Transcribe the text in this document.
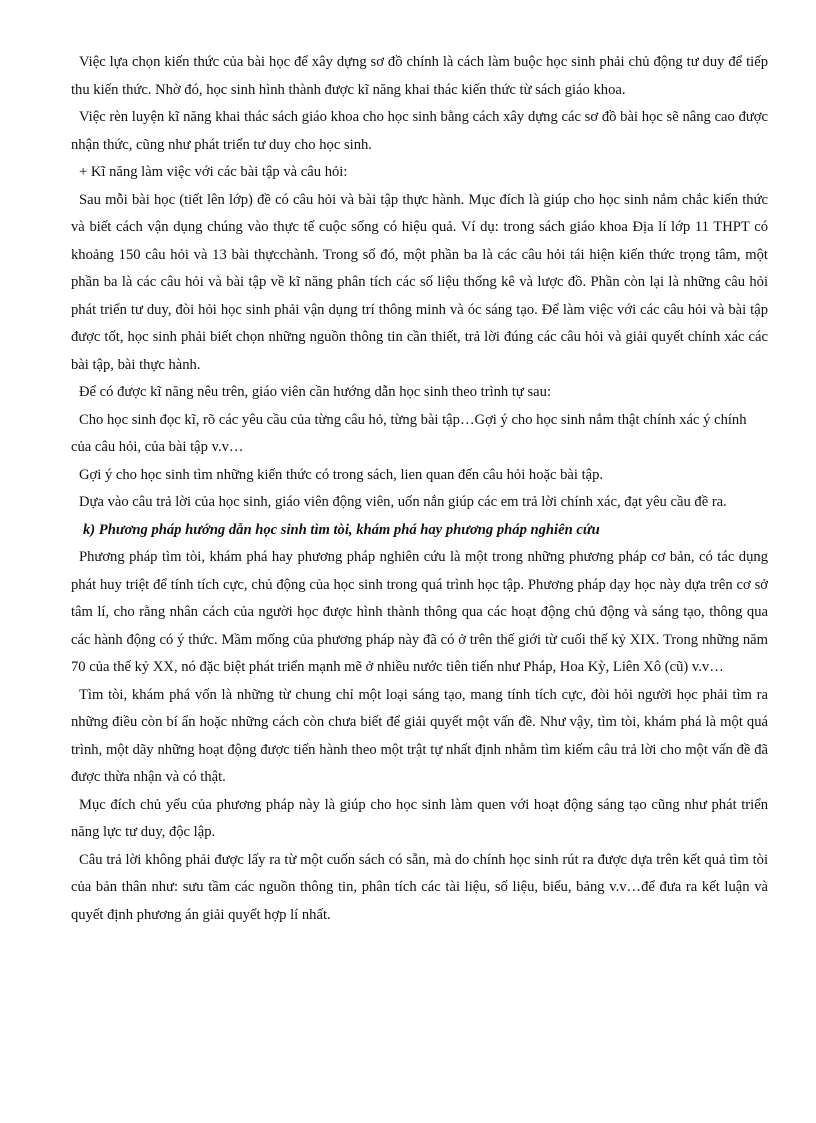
Việc lựa chọn kiến thức của bài học để xây dựng sơ đồ chính là cách làm buộc học sinh phải chủ động tư duy để tiếp thu kiến thức. Nhờ đó, học sinh hình thành được kĩ năng khai thác kiến thức từ sách giáo khoa.

Việc rèn luyện kĩ năng khai thác sách giáo khoa cho học sinh bằng cách xây dựng các sơ đồ bài học sẽ nâng cao được nhận thức, cũng như phát triển tư duy cho học sinh.

+ Kĩ năng làm việc với các bài tập và câu hỏi:

Sau mỗi bài học (tiết lên lớp) đề có câu hỏi và bài tập thực hành. Mục đích là giúp cho học sinh nắm chắc kiến thức và biết cách vận dụng chúng vào thực tế cuộc sống có hiệu quả. Ví dụ: trong sách giáo khoa Địa lí lớp 11 THPT có khoảng 150 câu hỏi và 13 bài thựcchành. Trong số đó, một phần ba là các câu hỏi tái hiện kiến thức trọng tâm, một phần ba là các câu hỏi và bài tập về kĩ năng phân tích các số liệu thống kê và lược đồ. Phần còn lại là những câu hỏi phát triển tư duy, đòi hỏi học sinh phải vận dụng trí thông minh và óc sáng tạo. Để làm việc với các câu hỏi và bài tập được tốt, học sinh phải biết chọn những nguồn thông tin cần thiết, trả lời đúng các câu hỏi và giải quyết chính xác các bài tập, bài thực hành.

Để có được kĩ năng nêu trên, giáo viên cần hướng dẫn học sinh theo trình tự sau:

Cho học sinh đọc kĩ, rõ các yêu cầu của từng câu hỏ, từng bài tập…Gợi ý cho học sinh nắm thật chính xác ý chính của câu hỏi, của bài tập v.v…

Gợi ý cho học sinh tìm những kiến thức có trong sách, lien quan đến câu hỏi hoặc bài tập.

Dựa vào câu trả lời của học sinh, giáo viên động viên, uốn nắn giúp các em trả lời chính xác, đạt yêu cầu đề ra.

k) Phương pháp hướng dẫn học sinh tìm tòi, khám phá hay phương pháp nghiên cứu

Phương pháp tìm tòi, khám phá hay phương pháp nghiên cứu là một trong những phương pháp cơ bản, có tác dụng phát huy triệt để tính tích cực, chủ động của học sinh trong quá trình học tập. Phương pháp dạy học này dựa trên cơ sở tâm lí, cho rằng nhân cách của người học được hình thành thông qua các hoạt động chủ động và sáng tạo, thông qua các hành động có ý thức. Mầm mống của phương pháp này đã có ở trên thế giới từ cuối thế kỷ XIX. Trong những năm 70 của thế kỷ XX, nó đặc biệt phát triển mạnh mẽ ở nhiều nước tiên tiến như Pháp, Hoa Kỳ, Liên Xô (cũ) v.v…

Tìm tòi, khám phá vốn là những từ chung chỉ một loại sáng tạo, mang tính tích cực, đòi hỏi người học phải tìm ra những điều còn bí ẩn hoặc những cách còn chưa biết để giải quyết một vấn đề. Như vậy, tìm tòi, khám phá là một quá trình, một dãy những hoạt động được tiến hành theo một trật tự nhất định nhằm tìm kiếm câu trả lời cho một vấn đề đã được thừa nhận và có thật.

Mục đích chủ yếu của phương pháp này là giúp cho học sinh làm quen với hoạt động sáng tạo cũng như phát triển năng lực tư duy, độc lập.

Câu trả lời không phải được lấy ra từ một cuốn sách có sẵn, mà do chính học sinh rút ra được dựa trên kết quả tìm tòi của bản thân như: sưu tầm các nguồn thông tin, phân tích các tài liệu, số liệu, biểu, bảng v.v…để đưa ra kết luận và quyết định phương án giải quyết hợp lí nhất.
